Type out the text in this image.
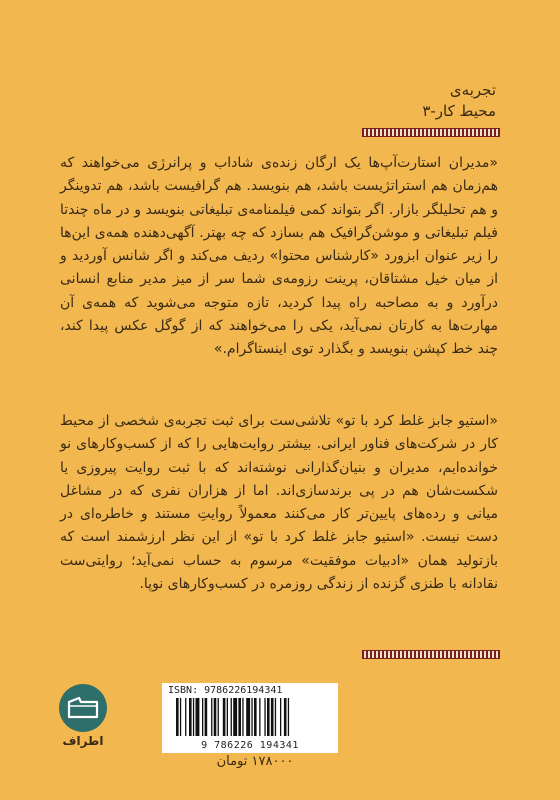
تجربه‌ی
محیط کار-۳
«مدیران استارت‌آپ‌ها یک ارگان زنده‌ی شاداب و پرانرژی می‌خواهند که هم‌زمان هم استراتژیست باشد، هم بنویسد. هم گرافیست باشد، هم تدوینگر و هم تحلیلگر بازار. اگر بتواند کمی فیلمنامه‌ی تبلیغاتی بنویسد و در ماه چندتا فیلم تبلیغاتی و موشن‌گرافیک هم بسازد که چه بهتر. آگهی‌دهنده همه‌ی این‌ها را زیر عنوان ابزورد «کارشناس محتوا» ردیف می‌کند و اگر شانس آوردید و از میان خیل مشتاقان، پرینت رزومه‌ی شما سر از میز مدیر منابع انسانی درآورد و به مصاحبه راه پیدا کردید، تازه متوجه می‌شوید که همه‌ی آن مهارت‌ها به کارتان نمی‌آید، یکی را می‌خواهند که از گوگل عکس پیدا کند، چند خط کپشن بنویسد و بگذارد توی اینستاگرام.»
«استیو جابز غلط کرد با تو» تلاشی‌ست برای ثبت تجربه‌ی شخصی از محیط کار در شرکت‌های فناور ایرانی. بیشتر روایت‌هایی را که از کسب‌وکارهای نو خوانده‌ایم، مدیران و بنیان‌گذارانی نوشته‌اند که با ثبت روایت پیروزی یا شکست‌شان هم در پی برندسازی‌اند. اما از هزاران نفری که در مشاغل میانی و رده‌های پایین‌تر کار می‌کنند معمولاً روایتِ مستند و خاطره‌ای در دست نیست. «استیو جابز غلط کرد با تو» از این نظر ارزشمند است که بازتولید همان «ادبیات موفقیت» مرسوم به حساب نمی‌آید؛ روایتی‌ست نقادانه با طنزی گزنده از زندگی روزمره در کسب‌وکارهای نوپا.
اطراف
ISBN: 9786226194341
9 786226 194341
۱۷۸۰۰۰ تومان
